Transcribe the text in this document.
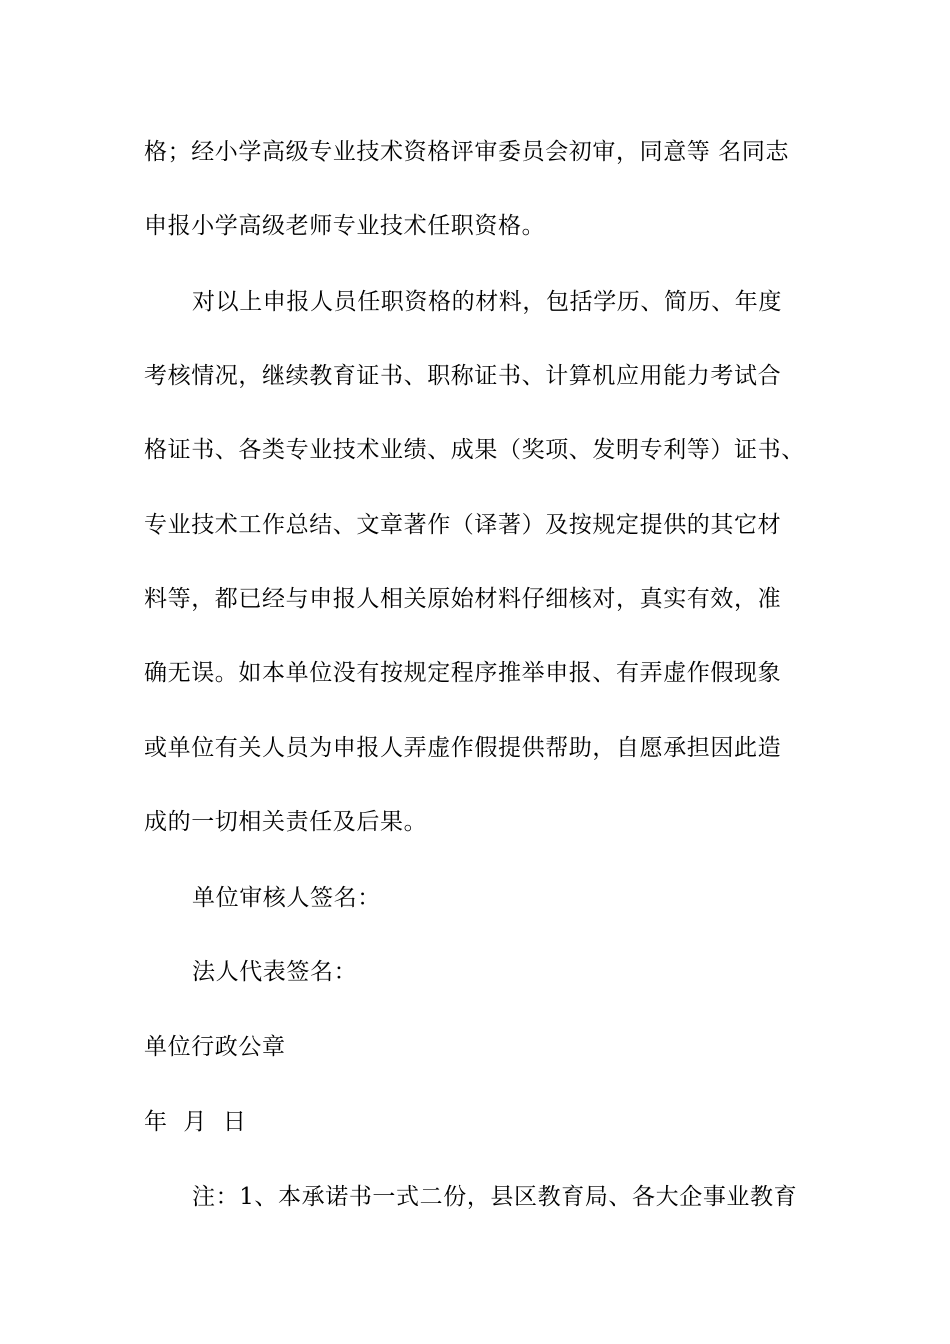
格；经小学高级专业技术资格评审委员会初审，同意等 名同志
申报小学高级老师专业技术任职资格。
对以上申报人员任职资格的材料，包括学历、简历、年度
考核情况，继续教育证书、职称证书、计算机应用能力考试合
格证书、各类专业技术业绩、成果（奖项、发明专利等）证书、
专业技术工作总结、文章著作（译著）及按规定提供的其它材
料等，都已经与申报人相关原始材料仔细核对，真实有效，准
确无误。如本单位没有按规定程序推举申报、有弄虚作假现象
或单位有关人员为申报人弄虚作假提供帮助，自愿承担因此造
成的一切相关责任及后果。
单位审核人签名：
法人代表签名：
单位行政公章
年  月  日
注：1、本承诺书一式二份，县区教育局、各大企事业教育
